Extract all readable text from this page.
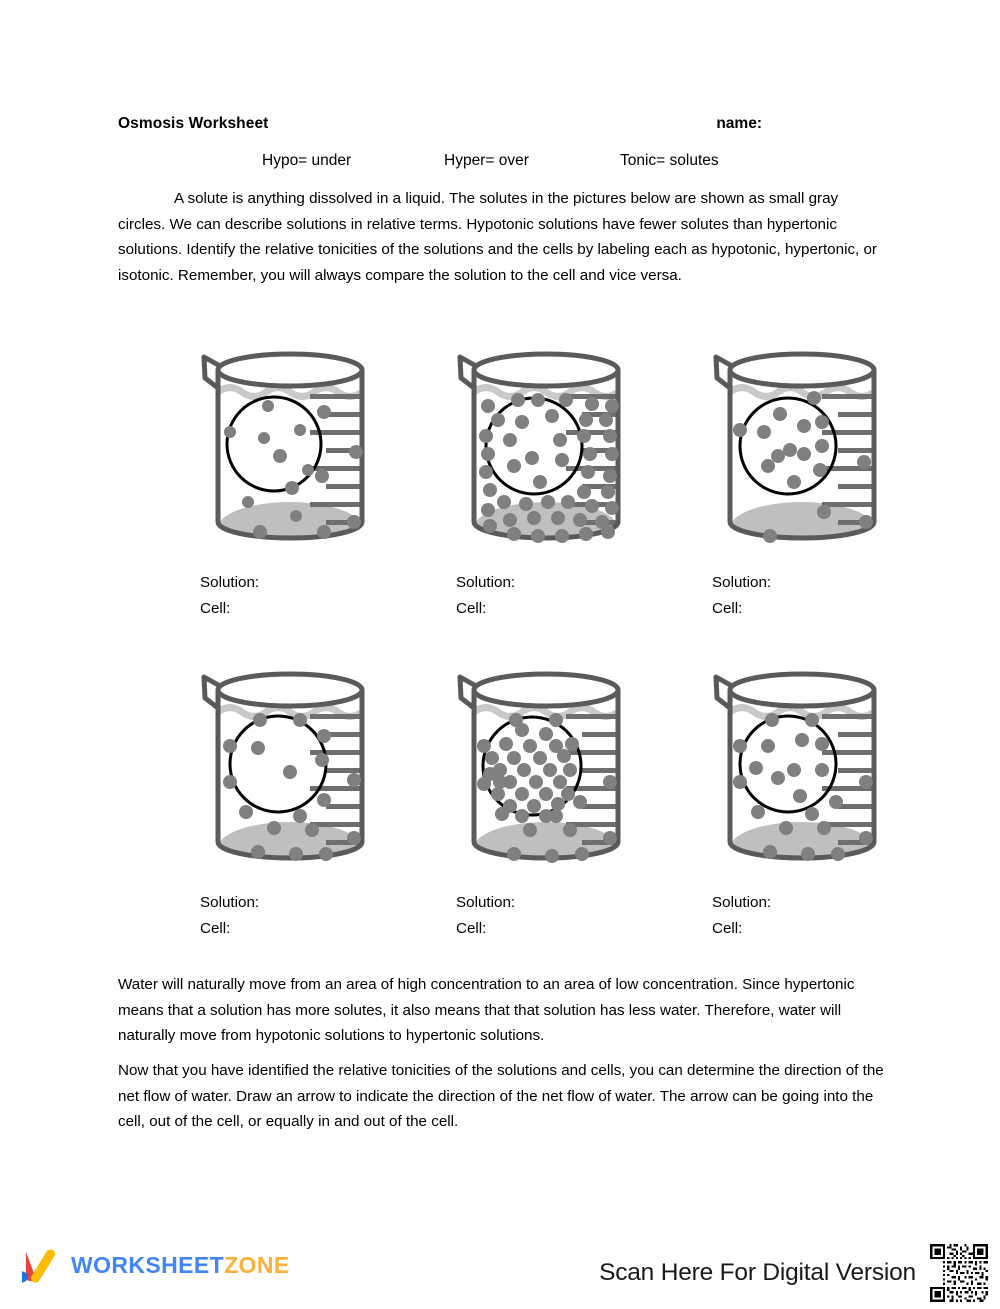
Osmosis Worksheet	name:
Hypo= under	Hyper= over	Tonic= solutes
A solute is anything dissolved in a liquid. The solutes in the pictures below are shown as small gray circles. We can describe solutions in relative terms. Hypotonic solutions have fewer solutes than hypertonic solutions. Identify the relative tonicities of the solutions and the cells by labeling each as hypotonic, hypertonic, or isotonic. Remember, you will always compare the solution to the cell and vice versa.
Solution:
Cell:
Solution:
Cell:
Solution:
Cell:
Solution:
Cell:
Solution:
Cell:
Solution:
Cell:
Water will naturally move from an area of high concentration to an area of low concentration. Since hypertonic means that a solution has more solutes, it also means that that solution has less water. Therefore, water will naturally move from hypotonic solutions to hypertonic solutions.
Now that you have identified the relative tonicities of the solutions and cells, you can determine the direction of the net flow of water. Draw an arrow to indicate the direction of the net flow of water. The arrow can be going into the cell, out of the cell, or equally in and out of the cell.
WORKSHEETZONE	Scan Here For Digital Version
